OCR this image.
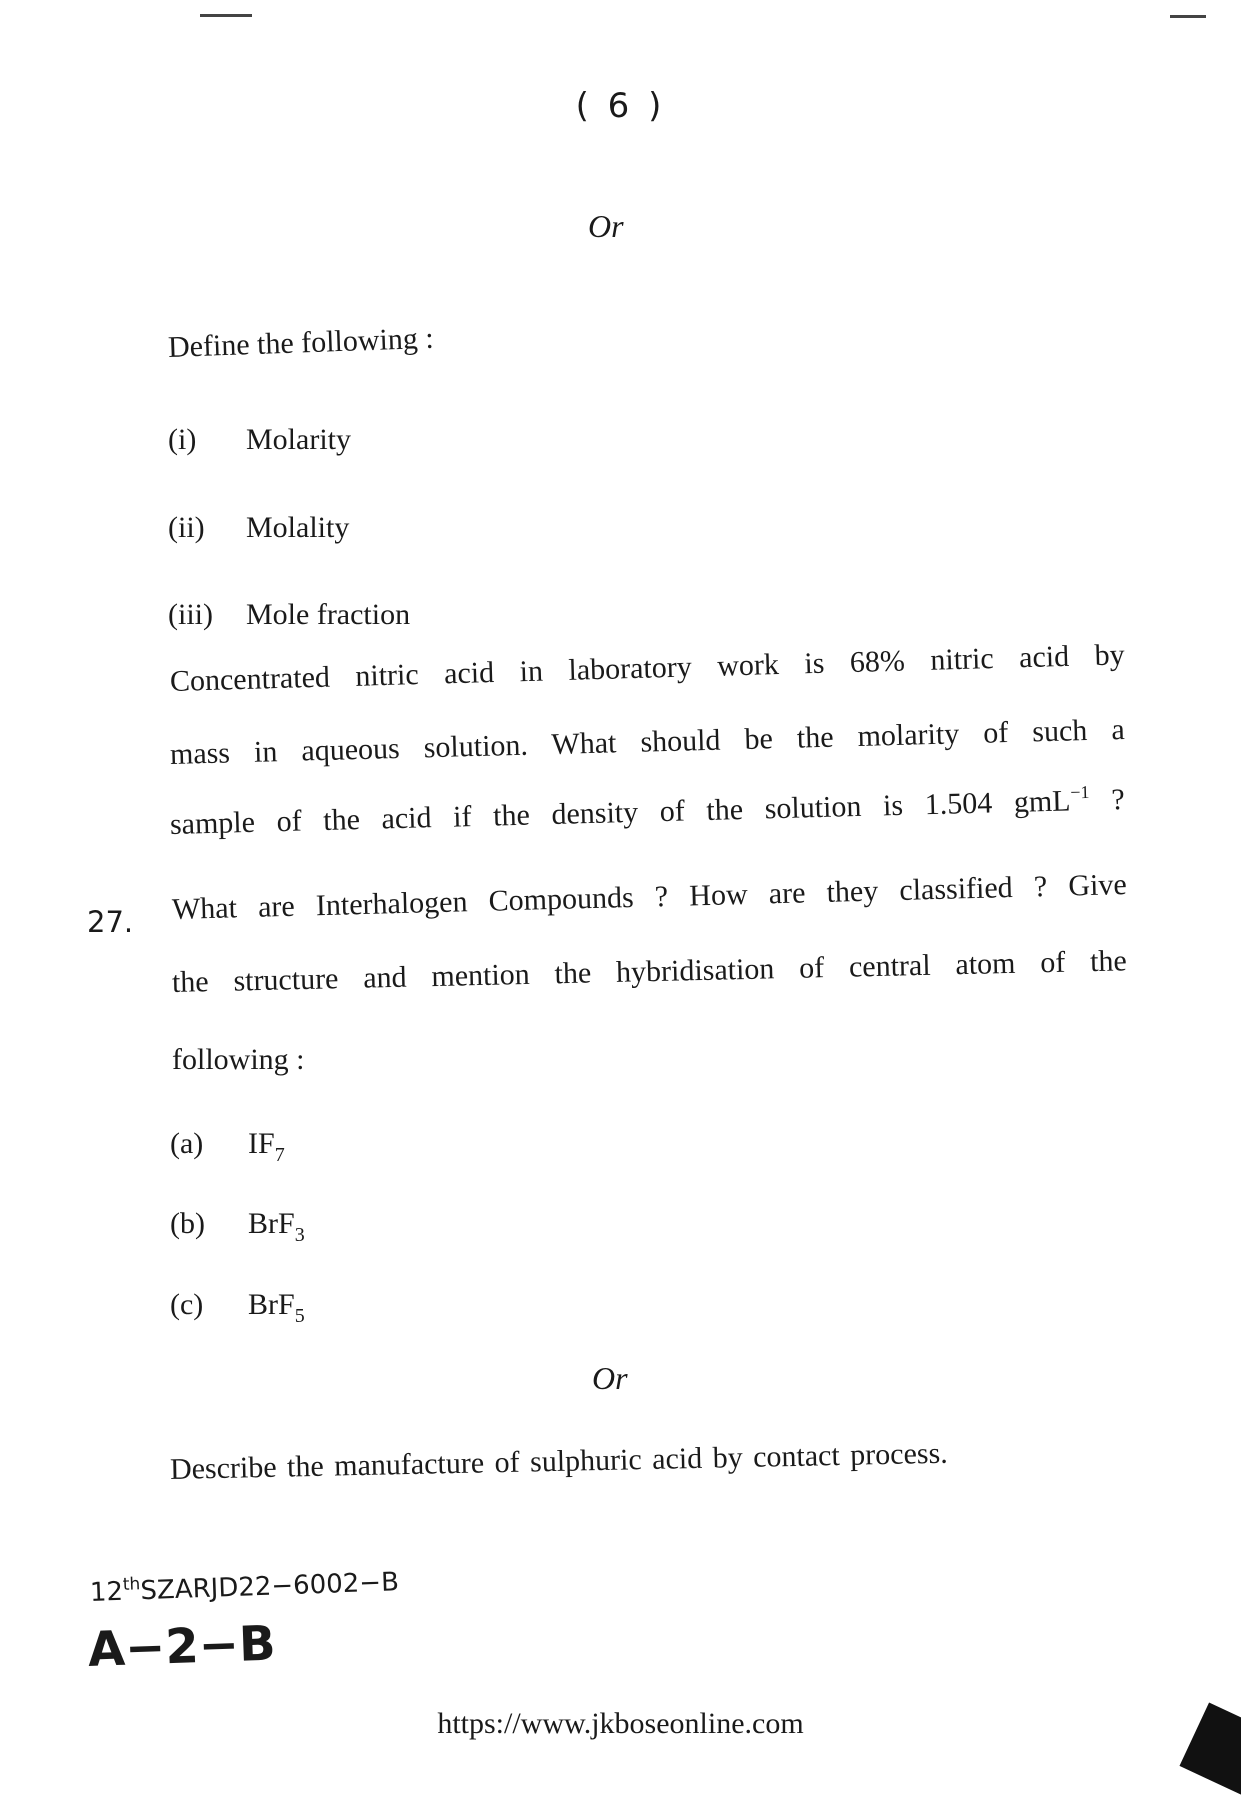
( 6 )
Or
Define the following :
(i) Molarity
(ii) Molality
(iii) Mole fraction
Concentrated nitric acid in laboratory work is 68% nitric acid by
mass in aqueous solution. What should be the molarity of such a
sample of the acid if the density of the solution is 1.504 gmL$^{-1}$ ?
27. What are Interhalogen Compounds ? How are they classified ? Give
the structure and mention the hybridisation of central atom of the
following :
(a) $IF_7$
(b) BrF$_3$
(c) BrF$_5$
Or
Describe the manufacture of sulphuric acid by contact process.
12thSZARJD22−6002−B
A−2−B
https://www.jkboseonline.com
